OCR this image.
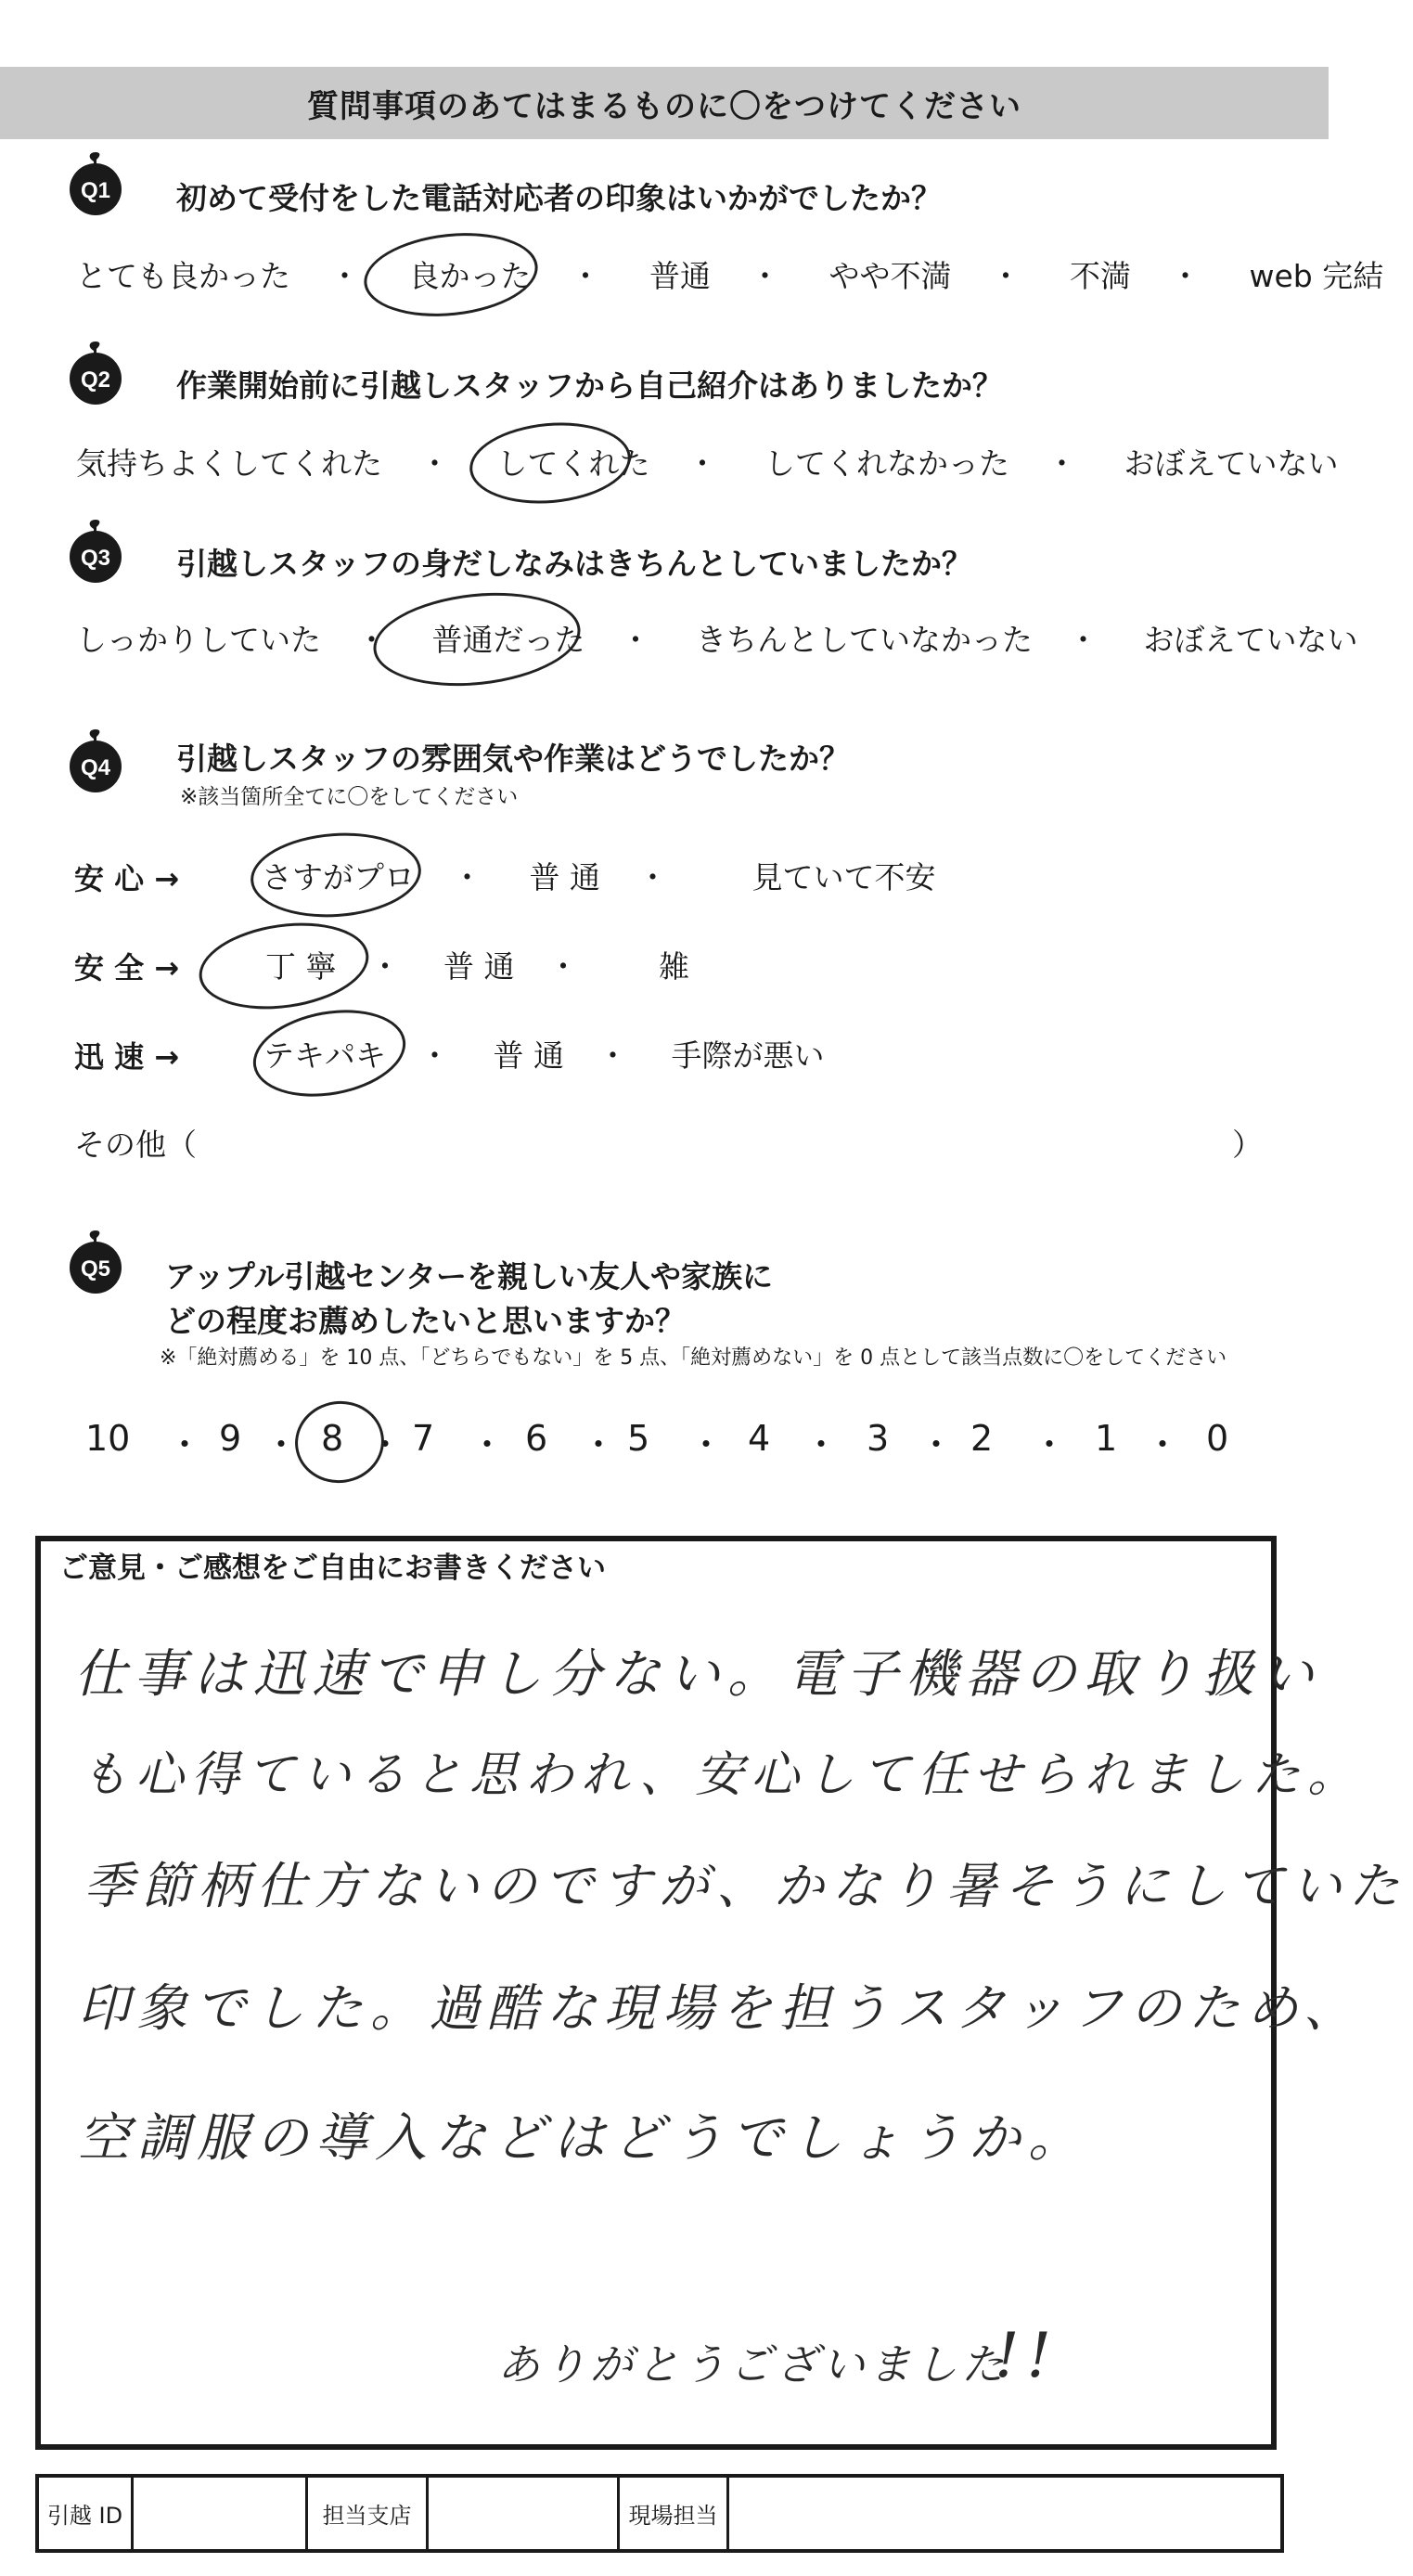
質問事項のあてはまるものに〇をつけてください
Q1 初めて受付をした電話対応者の印象はいかがでしたか？
とても良かった ・ 良かった ・ 普通 ・ やや不満 ・ 不満 ・ web 完結
Q2 作業開始前に引越しスタッフから自己紹介はありましたか？
気持ちよくしてくれた ・ してくれた ・ してくれなかった ・ おぼえていない
Q3 引越しスタッフの身だしなみはきちんとしていましたか？
しっかりしていた ・ 普通だった ・ きちんとしていなかった ・ おぼえていない
Q4 引越しスタッフの雰囲気や作業はどうでしたか？
※該当箇所全てに〇をしてください
安 心 →	さすがプロ ・ 普 通 ・	見ていて不安
安 全 →	丁 寧 ・ 普 通 ・	雑
迅 速 →	テキパキ ・ 普 通 ・ 手際が悪い
その他（	）
Q5 アップル引越センターを親しい友人や家族に
どの程度お薦めしたいと思いますか？
※「絶対薦める」を 10 点、「どちらでもない」を 5 点、「絶対薦めない」を 0 点として該当点数に〇をしてください
10	9 8 7	6 5	4	3 2	1	0
・ ・ ・ ・ ・ ・ ・ ・ ・ ・
ご意見・ご感想をご自由にお書きください
仕事は迅速で申し分ない。電子機器の取り扱い
も心得ていると思われ、安心して任せられました。
季節柄仕方ないのですが、かなり暑そうにしていた
印象でした。過酷な現場を担うスタッフのため、
空調服の導入などはどうでしょうか。
ありがとうございました
!!
引越 ID	担当支店	現場担当
